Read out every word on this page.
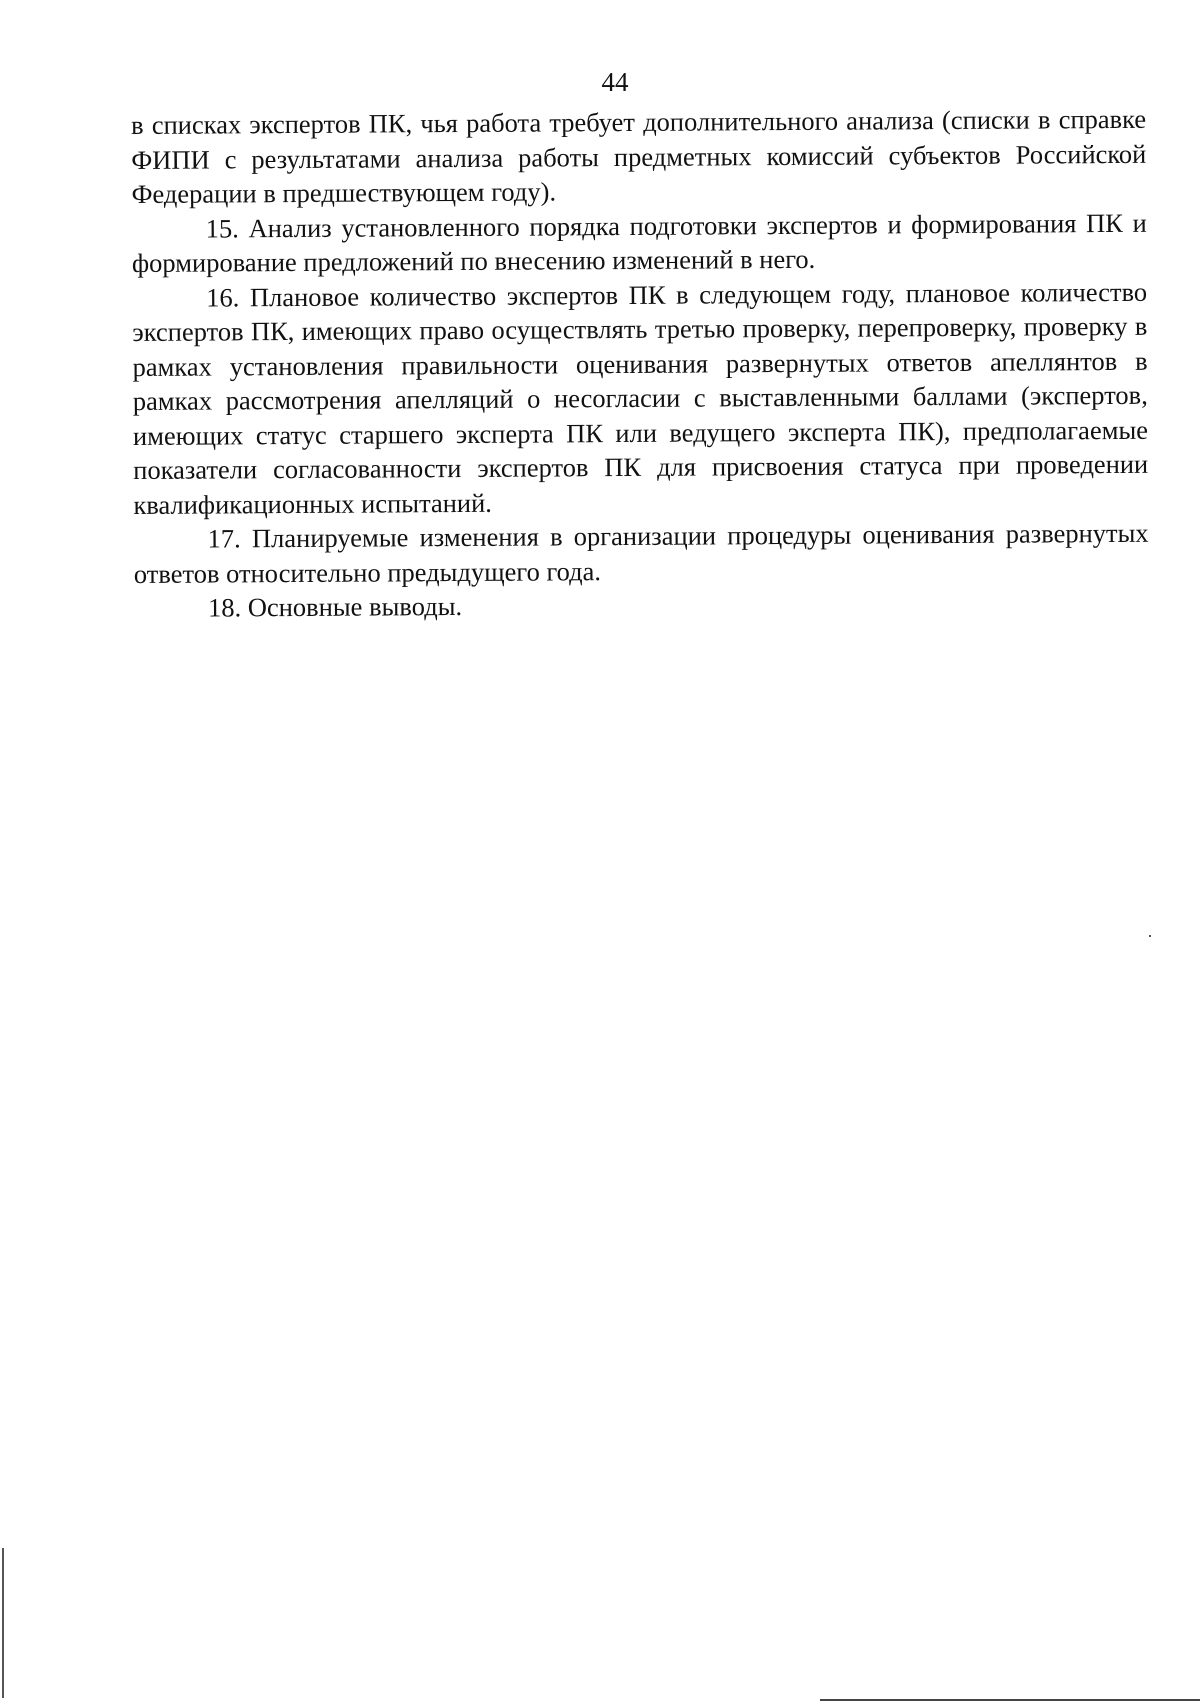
44

в списках экспертов ПК, чья работа требует дополнительного анализа (списки в справке ФИПИ с результатами анализа работы предметных комиссий субъектов Российской Федерации в предшествующем году).

15. Анализ установленного порядка подготовки экспертов и формирования ПК и формирование предложений по внесению изменений в него.

16. Плановое количество экспертов ПК в следующем году, плановое количество экспертов ПК, имеющих право осуществлять третью проверку, перепроверку, проверку в рамках установления правильности оценивания развернутых ответов апеллянтов в рамках рассмотрения апелляций о несогласии с выставленными баллами (экспертов, имеющих статус старшего эксперта ПК или ведущего эксперта ПК), предполагаемые показатели согласованности экспертов ПК для присвоения статуса при проведении квалификационных испытаний.

17. Планируемые изменения в организации процедуры оценивания развернутых ответов относительно предыдущего года.

18. Основные выводы.
